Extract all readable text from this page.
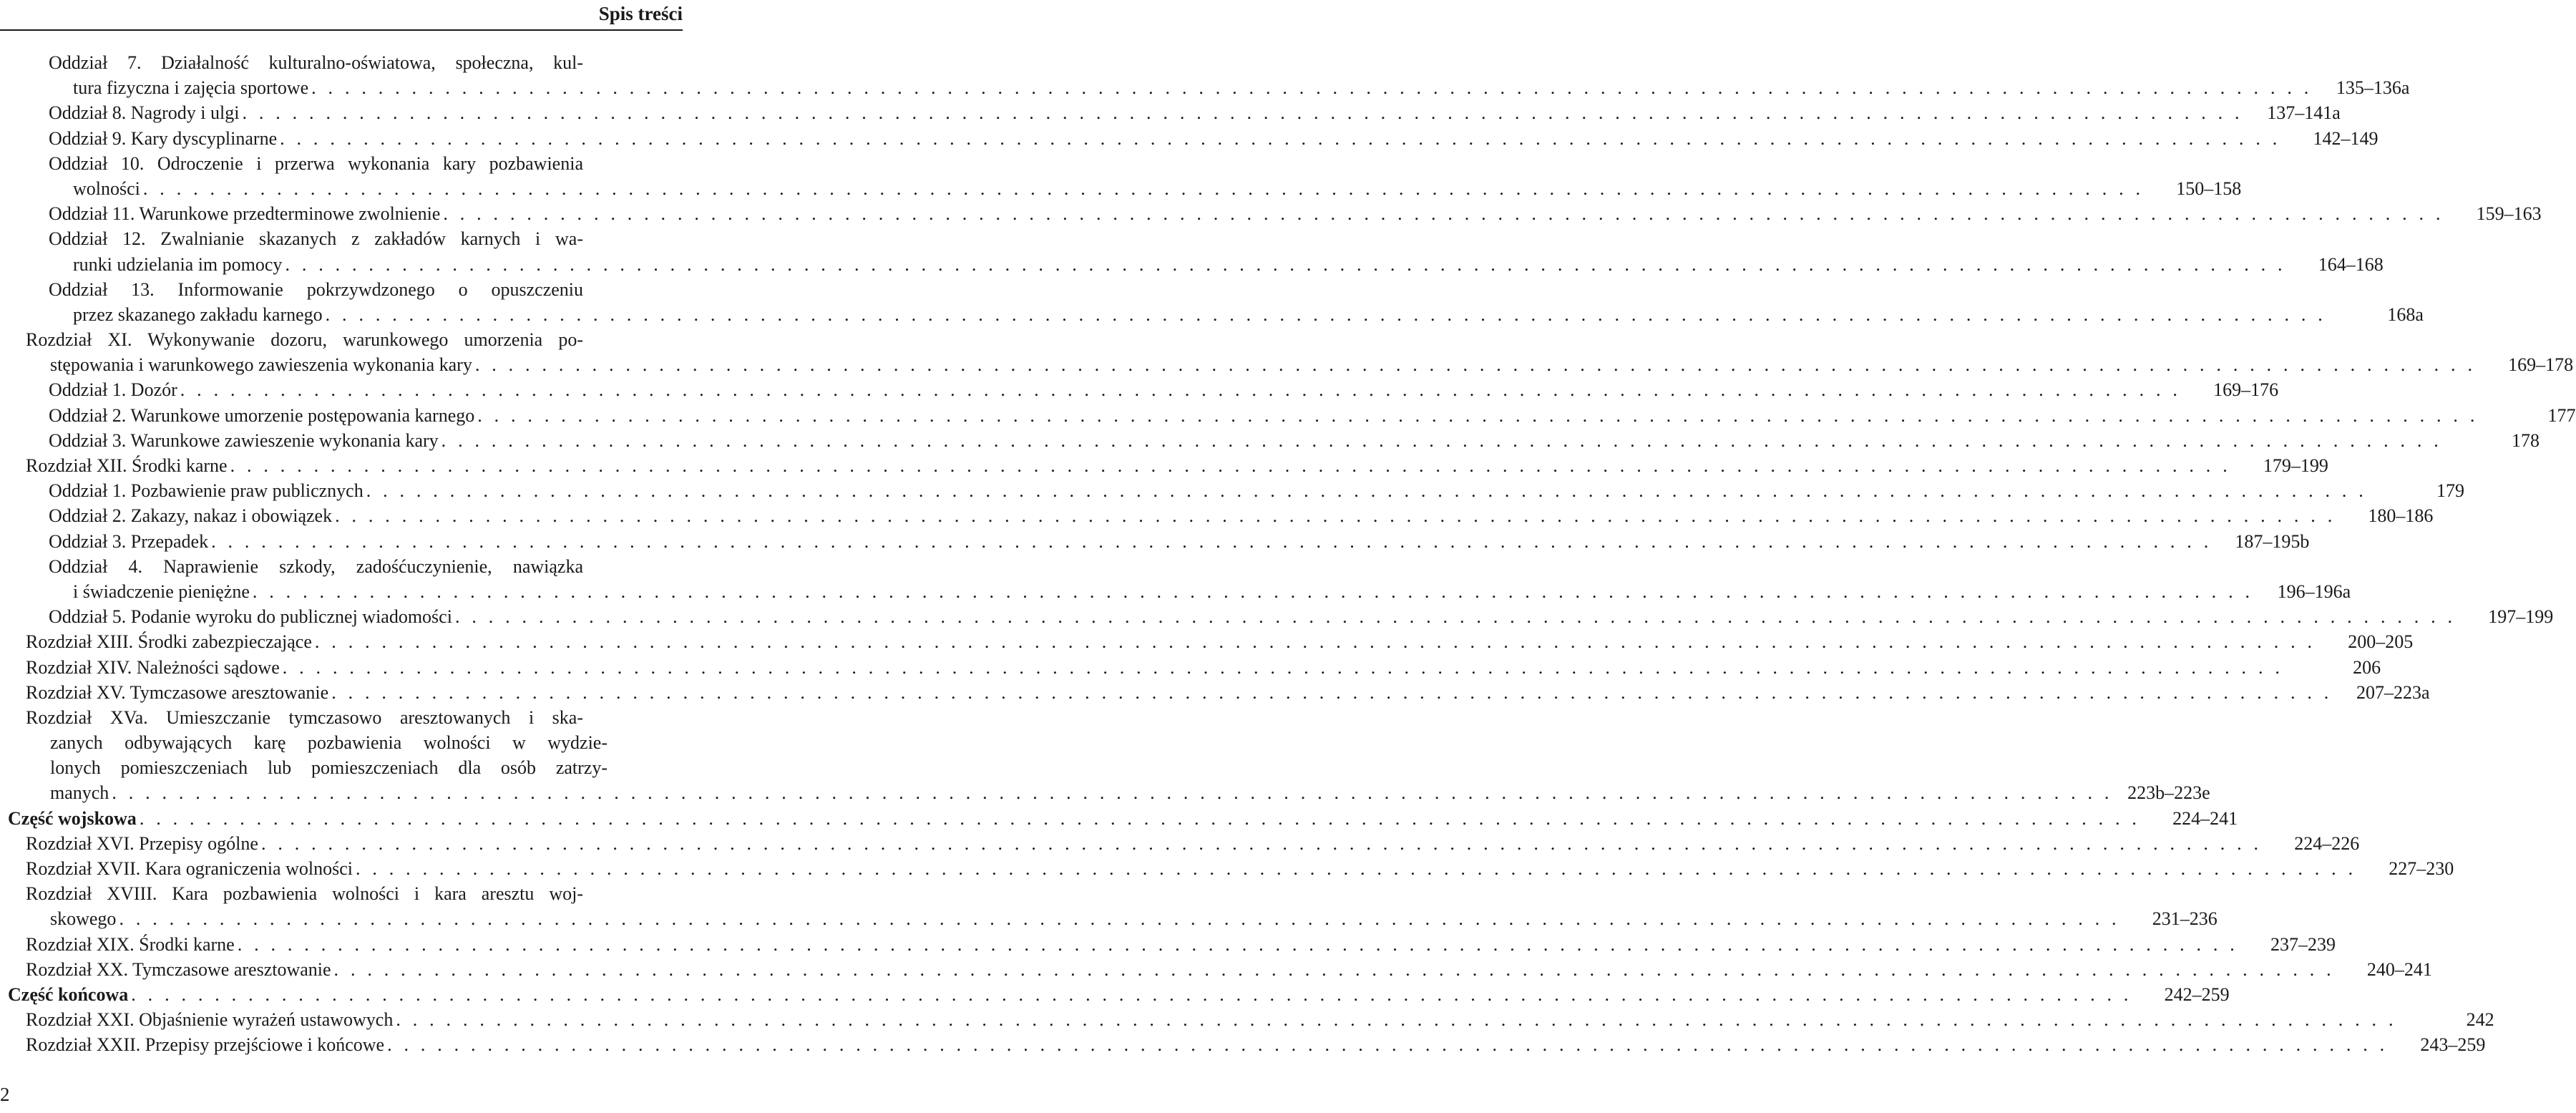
Spis treści
Oddział 7. Działalność kulturalno-oświatowa, społeczna, kul-
tura fizyczna i zajęcia sportowe . . . . . . . . . . . . . . . . . . . . . . . . . . . . . . . . . . . . . . . . . . . . . . . . . . . . . . . . . . . . . . . . . . . . . . . . . . . . . . . . . . . . . . . . . . . . . . . . . . . . . . . . . . . . . . . . . . . . . . . .	135–136a
Oddział 8. Nagrody i ulgi . . . . . . . . . . . . . . . . . . . . . . . . . . . . . . . . . . . . . . . . . . . . . . . . . . . . . . . . . . . . . . . . . . . . . . . . . . . . . . . . . . . . . . . . . . . . . . . . . . . . . . . . . . . . . . . . . . . . . . . .	137–141a
Oddział 9. Kary dyscyplinarne . . . . . . . . . . . . . . . . . . . . . . . . . . . . . . . . . . . . . . . . . . . . . . . . . . . . . . . . . . . . . . . . . . . . . . . . . . . . . . . . . . . . . . . . . . . . . . . . . . . . . . . . . . . . . . . . . . . . . . . .	142–149
Oddział 10. Odroczenie i przerwa wykonania kary pozbawienia
wolności . . . . . . . . . . . . . . . . . . . . . . . . . . . . . . . . . . . . . . . . . . . . . . . . . . . . . . . . . . . . . . . . . . . . . . . . . . . . . . . . . . . . . . . . . . . . . . . . . . . . . . . . . . . . . . . . . . . . . . . .	150–158
Oddział 11. Warunkowe przedterminowe zwolnienie . . . . . . . . . . . . . . . . . . . . . . . . . . . . . . . . . . . . . . . . . . . . . . . . . . . . . . . . . . . . . . . . . . . . . . . . . . . . . . . . . . . . . . . . . . . . . . . . . . . . . . . . . . . . . . . . . . . . . . . .	159–163
Oddział 12. Zwalnianie skazanych z zakładów karnych i wa-
runki udzielania im pomocy . . . . . . . . . . . . . . . . . . . . . . . . . . . . . . . . . . . . . . . . . . . . . . . . . . . . . . . . . . . . . . . . . . . . . . . . . . . . . . . . . . . . . . . . . . . . . . . . . . . . . . . . . . . . . . . . . . . . . . . .	164–168
Oddział 13. Informowanie pokrzywdzonego o opuszczeniu
przez skazanego zakładu karnego . . . . . . . . . . . . . . . . . . . . . . . . . . . . . . . . . . . . . . . . . . . . . . . . . . . . . . . . . . . . . . . . . . . . . . . . . . . . . . . . . . . . . . . . . . . . . . . . . . . . . . . . . . . . . . . . . . . . . . . .	168a
Rozdział XI. Wykonywanie dozoru, warunkowego umorzenia po-
stępowania i warunkowego zawieszenia wykonania kary . . . . . . . . . . . . . . . . . . . . . . . . . . . . . . . . . . . . . . . . . . . . . . . . . . . . . . . . . . . . . . . . . . . . . . . . . . . . . . . . . . . . . . . . . . . . . . . . . . . . . . . . . . . . . . . . . . . . . . . .	169–178
Oddział 1. Dozór . . . . . . . . . . . . . . . . . . . . . . . . . . . . . . . . . . . . . . . . . . . . . . . . . . . . . . . . . . . . . . . . . . . . . . . . . . . . . . . . . . . . . . . . . . . . . . . . . . . . . . . . . . . . . . . . . . . . . . . .	169–176
Oddział 2. Warunkowe umorzenie postępowania karnego . . . . . . . . . . . . . . . . . . . . . . . . . . . . . . . . . . . . . . . . . . . . . . . . . . . . . . . . . . . . . . . . . . . . . . . . . . . . . . . . . . . . . . . . . . . . . . . . . . . . . . . . . . . . . . . . . . . . . . . .	177
Oddział 3. Warunkowe zawieszenie wykonania kary . . . . . . . . . . . . . . . . . . . . . . . . . . . . . . . . . . . . . . . . . . . . . . . . . . . . . . . . . . . . . . . . . . . . . . . . . . . . . . . . . . . . . . . . . . . . . . . . . . . . . . . . . . . . . . . . . . . . . . . .	178
Rozdział XII. Środki karne . . . . . . . . . . . . . . . . . . . . . . . . . . . . . . . . . . . . . . . . . . . . . . . . . . . . . . . . . . . . . . . . . . . . . . . . . . . . . . . . . . . . . . . . . . . . . . . . . . . . . . . . . . . . . . . . . . . . . . . .	179–199
Oddział 1. Pozbawienie praw publicznych . . . . . . . . . . . . . . . . . . . . . . . . . . . . . . . . . . . . . . . . . . . . . . . . . . . . . . . . . . . . . . . . . . . . . . . . . . . . . . . . . . . . . . . . . . . . . . . . . . . . . . . . . . . . . . . . . . . . . . . .	179
Oddział 2. Zakazy, nakaz i obowiązek . . . . . . . . . . . . . . . . . . . . . . . . . . . . . . . . . . . . . . . . . . . . . . . . . . . . . . . . . . . . . . . . . . . . . . . . . . . . . . . . . . . . . . . . . . . . . . . . . . . . . . . . . . . . . . . . . . . . . . . .	180–186
Oddział 3. Przepadek . . . . . . . . . . . . . . . . . . . . . . . . . . . . . . . . . . . . . . . . . . . . . . . . . . . . . . . . . . . . . . . . . . . . . . . . . . . . . . . . . . . . . . . . . . . . . . . . . . . . . . . . . . . . . . . . . . . . . . . .	187–195b
Oddział 4. Naprawienie szkody, zadośćuczynienie, nawiązka
i świadczenie pieniężne . . . . . . . . . . . . . . . . . . . . . . . . . . . . . . . . . . . . . . . . . . . . . . . . . . . . . . . . . . . . . . . . . . . . . . . . . . . . . . . . . . . . . . . . . . . . . . . . . . . . . . . . . . . . . . . . . . . . . . . .	196–196a
Oddział 5. Podanie wyroku do publicznej wiadomości . . . . . . . . . . . . . . . . . . . . . . . . . . . . . . . . . . . . . . . . . . . . . . . . . . . . . . . . . . . . . . . . . . . . . . . . . . . . . . . . . . . . . . . . . . . . . . . . . . . . . . . . . . . . . . . . . . . . . . . .	197–199
Rozdział XIII. Środki zabezpieczające . . . . . . . . . . . . . . . . . . . . . . . . . . . . . . . . . . . . . . . . . . . . . . . . . . . . . . . . . . . . . . . . . . . . . . . . . . . . . . . . . . . . . . . . . . . . . . . . . . . . . . . . . . . . . . . . . . . . . . . .	200–205
Rozdział XIV. Należności sądowe . . . . . . . . . . . . . . . . . . . . . . . . . . . . . . . . . . . . . . . . . . . . . . . . . . . . . . . . . . . . . . . . . . . . . . . . . . . . . . . . . . . . . . . . . . . . . . . . . . . . . . . . . . . . . . . . . . . . . . . .	206
Rozdział XV. Tymczasowe aresztowanie . . . . . . . . . . . . . . . . . . . . . . . . . . . . . . . . . . . . . . . . . . . . . . . . . . . . . . . . . . . . . . . . . . . . . . . . . . . . . . . . . . . . . . . . . . . . . . . . . . . . . . . . . . . . . . . . . . . . . . . .	207–223a
Rozdział XVa. Umieszczanie tymczasowo aresztowanych i ska-
zanych odbywających karę pozbawienia wolności w wydzie-
lonych pomieszczeniach lub pomieszczeniach dla osób zatrzy-
manych . . . . . . . . . . . . . . . . . . . . . . . . . . . . . . . . . . . . . . . . . . . . . . . . . . . . . . . . . . . . . . . . . . . . . . . . . . . . . . . . . . . . . . . . . . . . . . . . . . . . . . . . . . . . . . . . . . . . . . . . 223b–223e
Część wojskowa . . . . . . . . . . . . . . . . . . . . . . . . . . . . . . . . . . . . . . . . . . . . . . . . . . . . . . . . . . . . . . . . . . . . . . . . . . . . . . . . . . . . . . . . . . . . . . . . . . . . . . . . . . . . . . . . . . . . . . . .	224–241
Rozdział XVI. Przepisy ogólne . . . . . . . . . . . . . . . . . . . . . . . . . . . . . . . . . . . . . . . . . . . . . . . . . . . . . . . . . . . . . . . . . . . . . . . . . . . . . . . . . . . . . . . . . . . . . . . . . . . . . . . . . . . . . . . . . . . . . . . .	224–226
Rozdział XVII. Kara ograniczenia wolności . . . . . . . . . . . . . . . . . . . . . . . . . . . . . . . . . . . . . . . . . . . . . . . . . . . . . . . . . . . . . . . . . . . . . . . . . . . . . . . . . . . . . . . . . . . . . . . . . . . . . . . . . . . . . . . . . . . . . . . .	227–230
Rozdział XVIII. Kara pozbawienia wolności i kara aresztu woj-
skowego . . . . . . . . . . . . . . . . . . . . . . . . . . . . . . . . . . . . . . . . . . . . . . . . . . . . . . . . . . . . . . . . . . . . . . . . . . . . . . . . . . . . . . . . . . . . . . . . . . . . . . . . . . . . . . . . . . . . . . . .	231–236
Rozdział XIX. Środki karne . . . . . . . . . . . . . . . . . . . . . . . . . . . . . . . . . . . . . . . . . . . . . . . . . . . . . . . . . . . . . . . . . . . . . . . . . . . . . . . . . . . . . . . . . . . . . . . . . . . . . . . . . . . . . . . . . . . . . . . .	237–239
Rozdział XX. Tymczasowe aresztowanie . . . . . . . . . . . . . . . . . . . . . . . . . . . . . . . . . . . . . . . . . . . . . . . . . . . . . . . . . . . . . . . . . . . . . . . . . . . . . . . . . . . . . . . . . . . . . . . . . . . . . . . . . . . . . . . . . . . . . . . .	240–241
Część końcowa . . . . . . . . . . . . . . . . . . . . . . . . . . . . . . . . . . . . . . . . . . . . . . . . . . . . . . . . . . . . . . . . . . . . . . . . . . . . . . . . . . . . . . . . . . . . . . . . . . . . . . . . . . . . . . . . . . . . . . . .	242–259
Rozdział XXI. Objaśnienie wyrażeń ustawowych . . . . . . . . . . . . . . . . . . . . . . . . . . . . . . . . . . . . . . . . . . . . . . . . . . . . . . . . . . . . . . . . . . . . . . . . . . . . . . . . . . . . . . . . . . . . . . . . . . . . . . . . . . . . . . . . . . . . . . . .	242
Rozdział XXII. Przepisy przejściowe i końcowe . . . . . . . . . . . . . . . . . . . . . . . . . . . . . . . . . . . . . . . . . . . . . . . . . . . . . . . . . . . . . . . . . . . . . . . . . . . . . . . . . . . . . . . . . . . . . . . . . . . . . . . . . . . . . . . . . . . . . . . .	243–259
2
